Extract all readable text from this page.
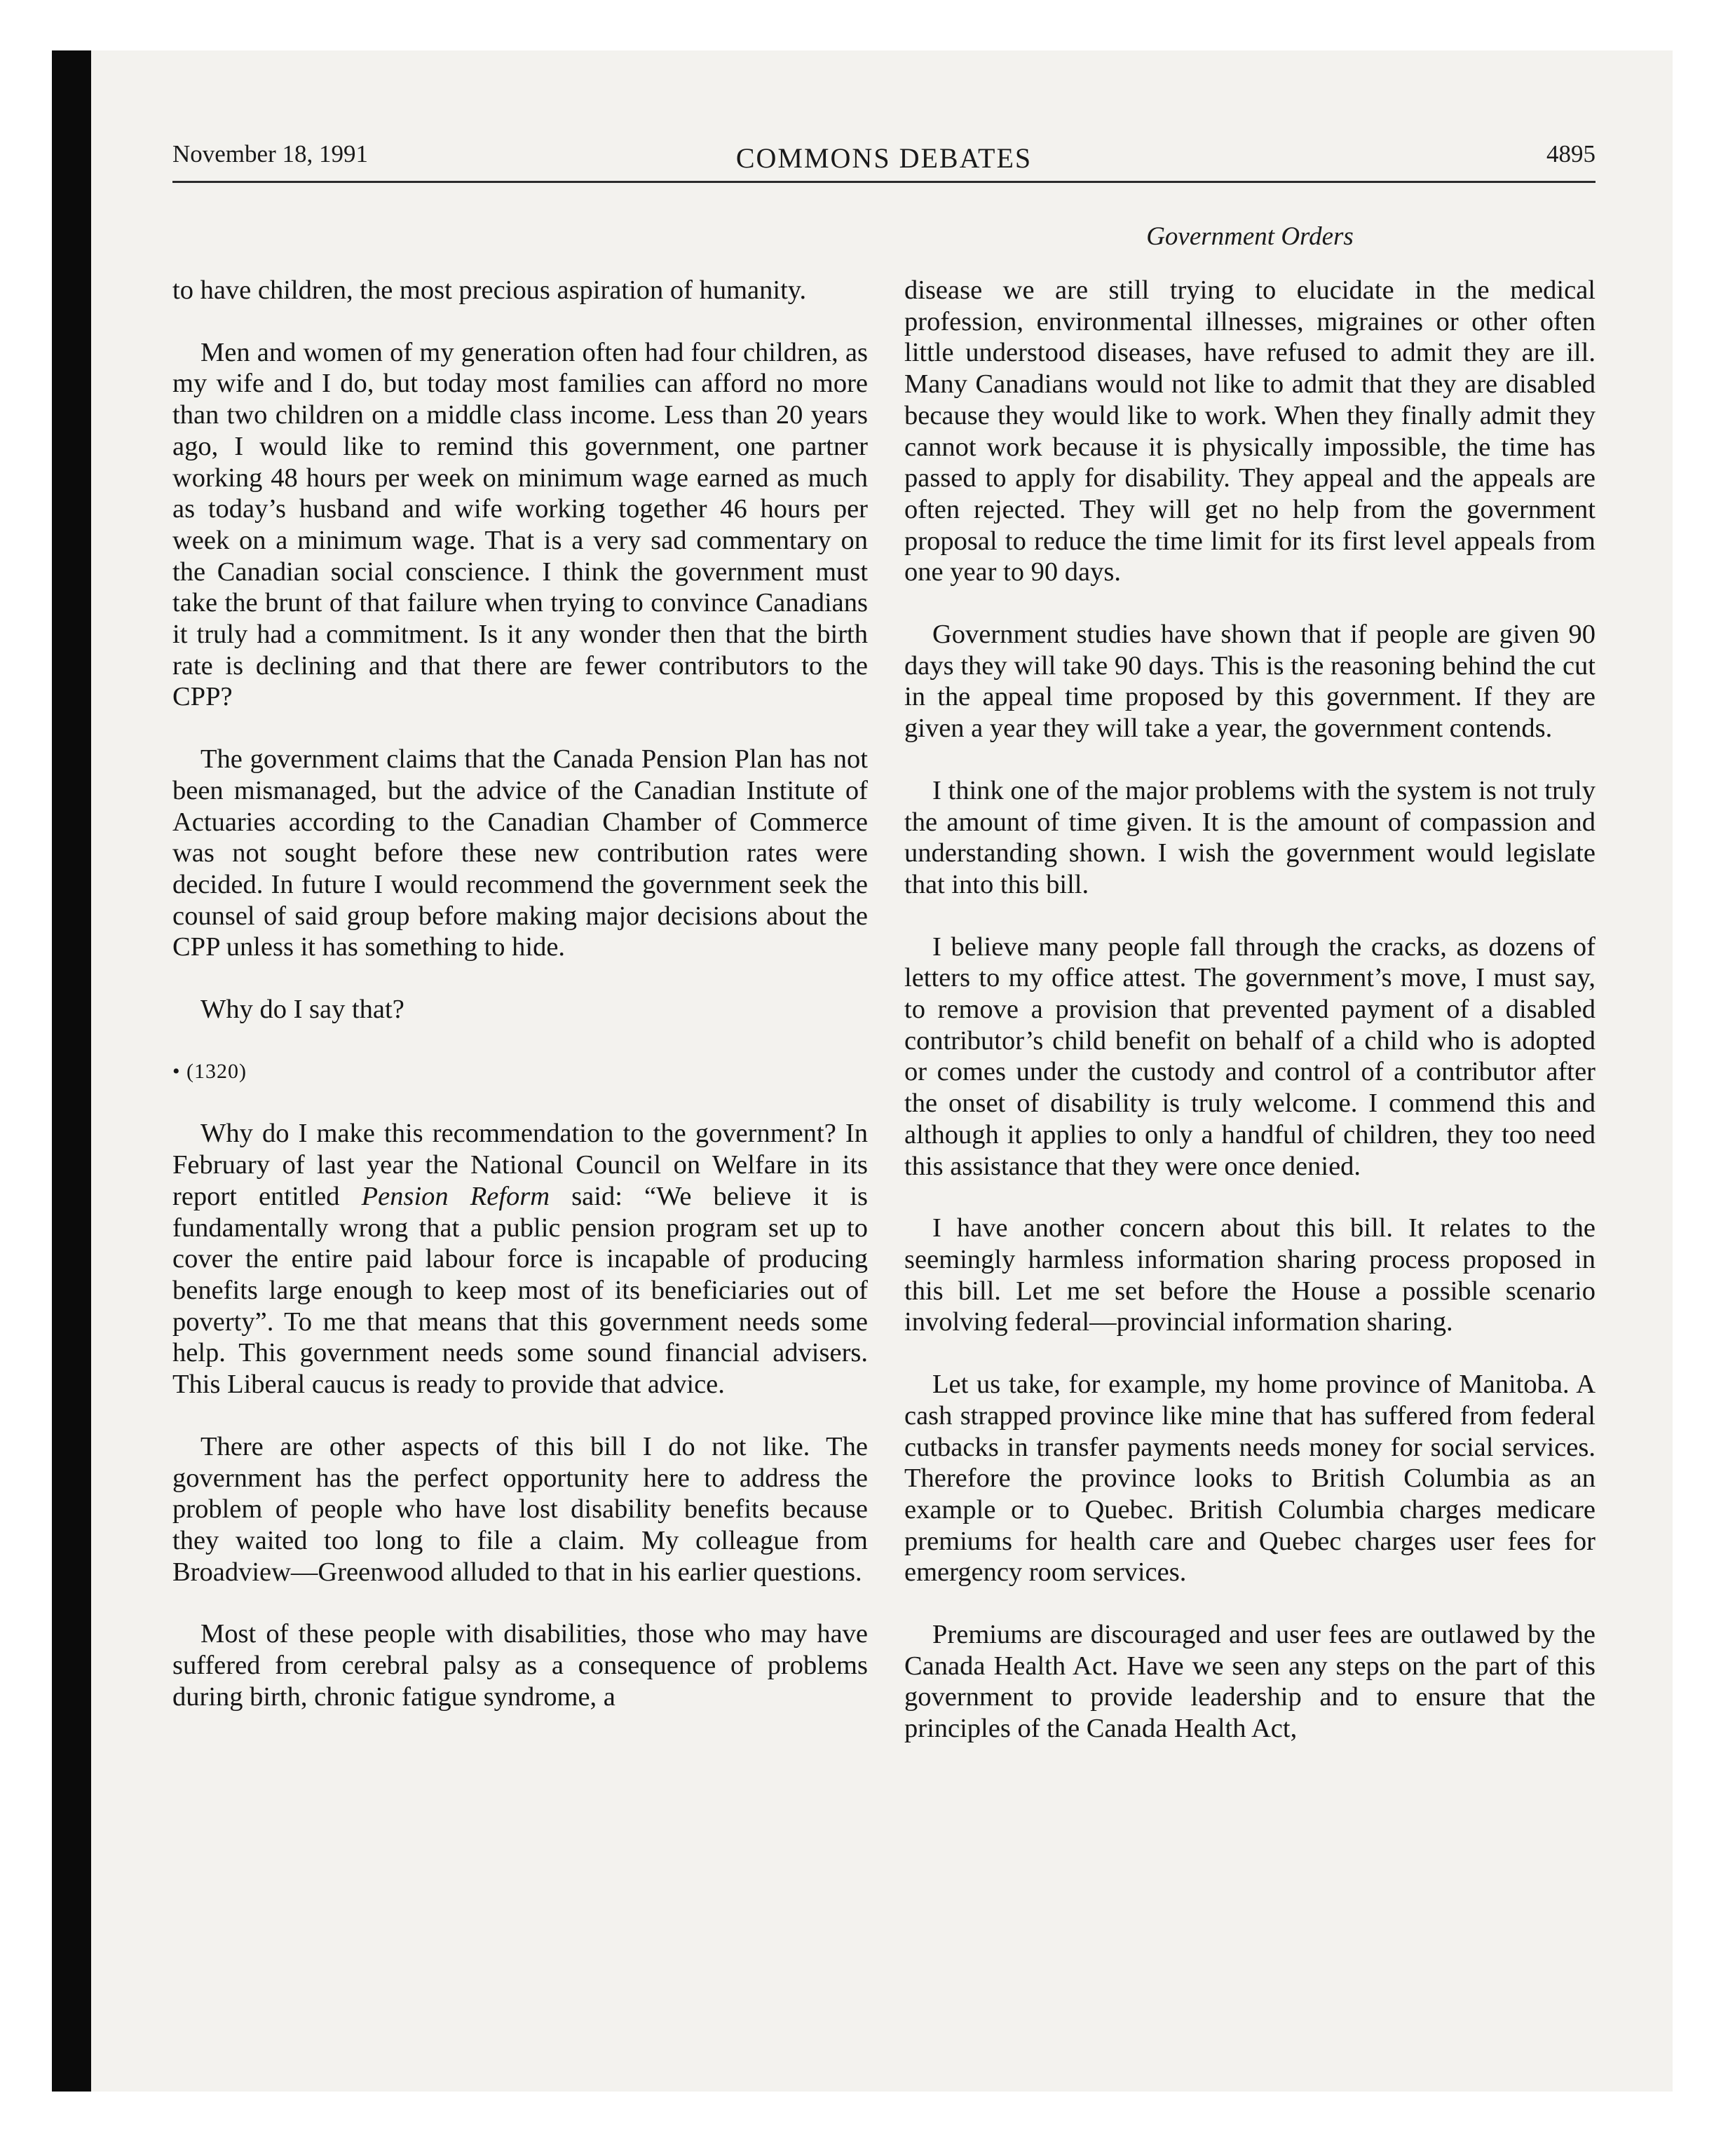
November 18, 1991	COMMONS DEBATES	4895
Government Orders

to have children, the most precious aspiration of humanity.

Men and women of my generation often had four children, as my wife and I do, but today most families can afford no more than two children on a middle class income. Less than 20 years ago, I would like to remind this government, one partner working 48 hours per week on minimum wage earned as much as today’s husband and wife working together 46 hours per week on a minimum wage. That is a very sad commentary on the Canadian social conscience. I think the government must take the brunt of that failure when trying to convince Canadians it truly had a commitment. Is it any wonder then that the birth rate is declining and that there are fewer contributors to the CPP?

The government claims that the Canada Pension Plan has not been mismanaged, but the advice of the Canadian Institute of Actuaries according to the Canadian Chamber of Commerce was not sought before these new contribution rates were decided. In future I would recommend the government seek the counsel of said group before making major decisions about the CPP unless it has something to hide.

Why do I say that?

• (1320)

Why do I make this recommendation to the government? In February of last year the National Council on Welfare in its report entitled Pension Reform said: “We believe it is fundamentally wrong that a public pension program set up to cover the entire paid labour force is incapable of producing benefits large enough to keep most of its beneficiaries out of poverty”. To me that means that this government needs some help. This government needs some sound financial advisers. This Liberal caucus is ready to provide that advice.

There are other aspects of this bill I do not like. The government has the perfect opportunity here to address the problem of people who have lost disability benefits because they waited too long to file a claim. My colleague from Broadview—Greenwood alluded to that in his earlier questions.

Most of these people with disabilities, those who may have suffered from cerebral palsy as a consequence of problems during birth, chronic fatigue syndrome, a

disease we are still trying to elucidate in the medical profession, environmental illnesses, migraines or other often little understood diseases, have refused to admit they are ill. Many Canadians would not like to admit that they are disabled because they would like to work. When they finally admit they cannot work because it is physically impossible, the time has passed to apply for disability. They appeal and the appeals are often rejected. They will get no help from the government proposal to reduce the time limit for its first level appeals from one year to 90 days.

Government studies have shown that if people are given 90 days they will take 90 days. This is the reasoning behind the cut in the appeal time proposed by this government. If they are given a year they will take a year, the government contends.

I think one of the major problems with the system is not truly the amount of time given. It is the amount of compassion and understanding shown. I wish the government would legislate that into this bill.

I believe many people fall through the cracks, as dozens of letters to my office attest. The government’s move, I must say, to remove a provision that prevented payment of a disabled contributor’s child benefit on behalf of a child who is adopted or comes under the custody and control of a contributor after the onset of disability is truly welcome. I commend this and although it applies to only a handful of children, they too need this assistance that they were once denied.

I have another concern about this bill. It relates to the seemingly harmless information sharing process proposed in this bill. Let me set before the House a possible scenario involving federal—provincial information sharing.

Let us take, for example, my home province of Manitoba. A cash strapped province like mine that has suffered from federal cutbacks in transfer payments needs money for social services. Therefore the province looks to British Columbia as an example or to Quebec. British Columbia charges medicare premiums for health care and Quebec charges user fees for emergency room services.

Premiums are discouraged and user fees are outlawed by the Canada Health Act. Have we seen any steps on the part of this government to provide leadership and to ensure that the principles of the Canada Health Act,
